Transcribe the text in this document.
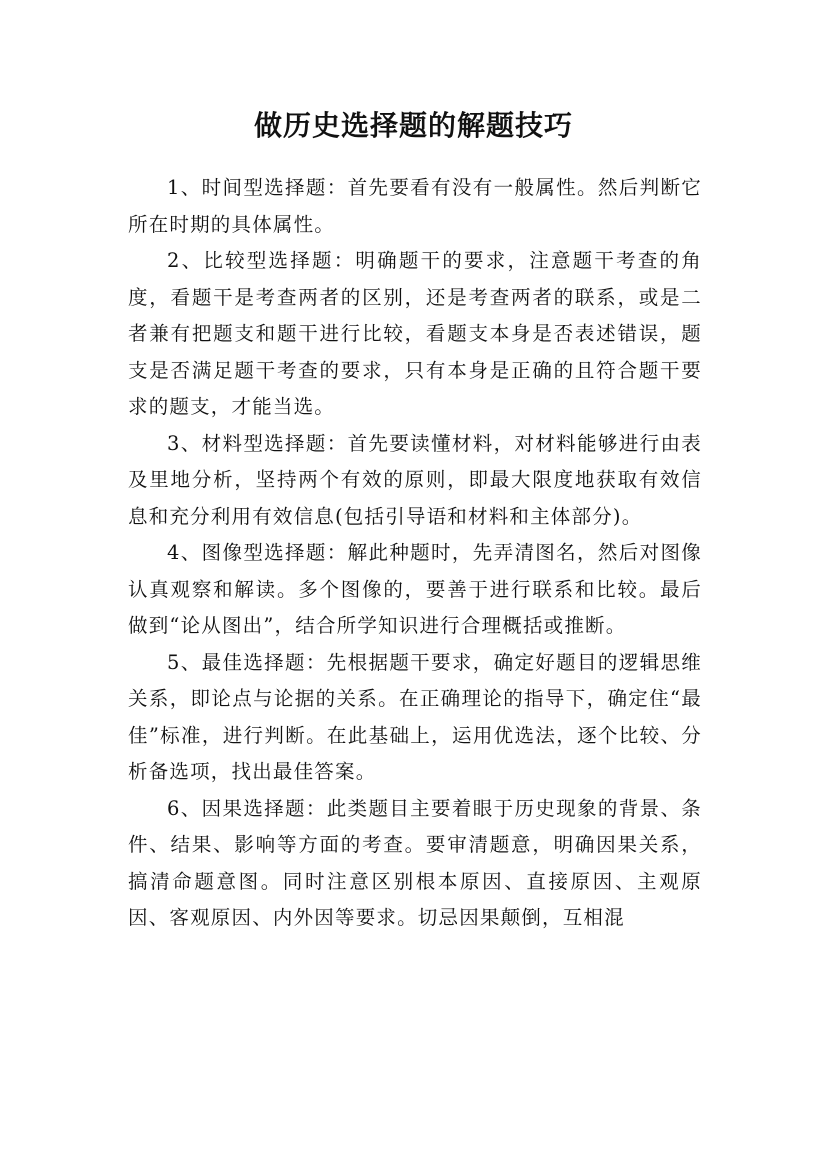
做历史选择题的解题技巧

1、时间型选择题：首先要看有没有一般属性。然后判断它所在时期的具体属性。

2、比较型选择题：明确题干的要求，注意题干考查的角度，看题干是考查两者的区别，还是考查两者的联系，或是二者兼有把题支和题干进行比较，看题支本身是否表述错误，题支是否满足题干考查的要求，只有本身是正确的且符合题干要求的题支，才能当选。

3、材料型选择题：首先要读懂材料，对材料能够进行由表及里地分析，坚持两个有效的原则，即最大限度地获取有效信息和充分利用有效信息(包括引导语和材料和主体部分)。

4、图像型选择题：解此种题时，先弄清图名，然后对图像认真观察和解读。多个图像的，要善于进行联系和比较。最后做到“论从图出”，结合所学知识进行合理概括或推断。

5、最佳选择题：先根据题干要求，确定好题目的逻辑思维关系，即论点与论据的关系。在正确理论的指导下，确定住“最佳”标准，进行判断。在此基础上，运用优选法，逐个比较、分析备选项，找出最佳答案。

6、因果选择题：此类题目主要着眼于历史现象的背景、条件、结果、影响等方面的考查。要审清题意，明确因果关系，搞清命题意图。同时注意区别根本原因、直接原因、主观原因、客观原因、内外因等要求。切忌因果颠倒，互相混
